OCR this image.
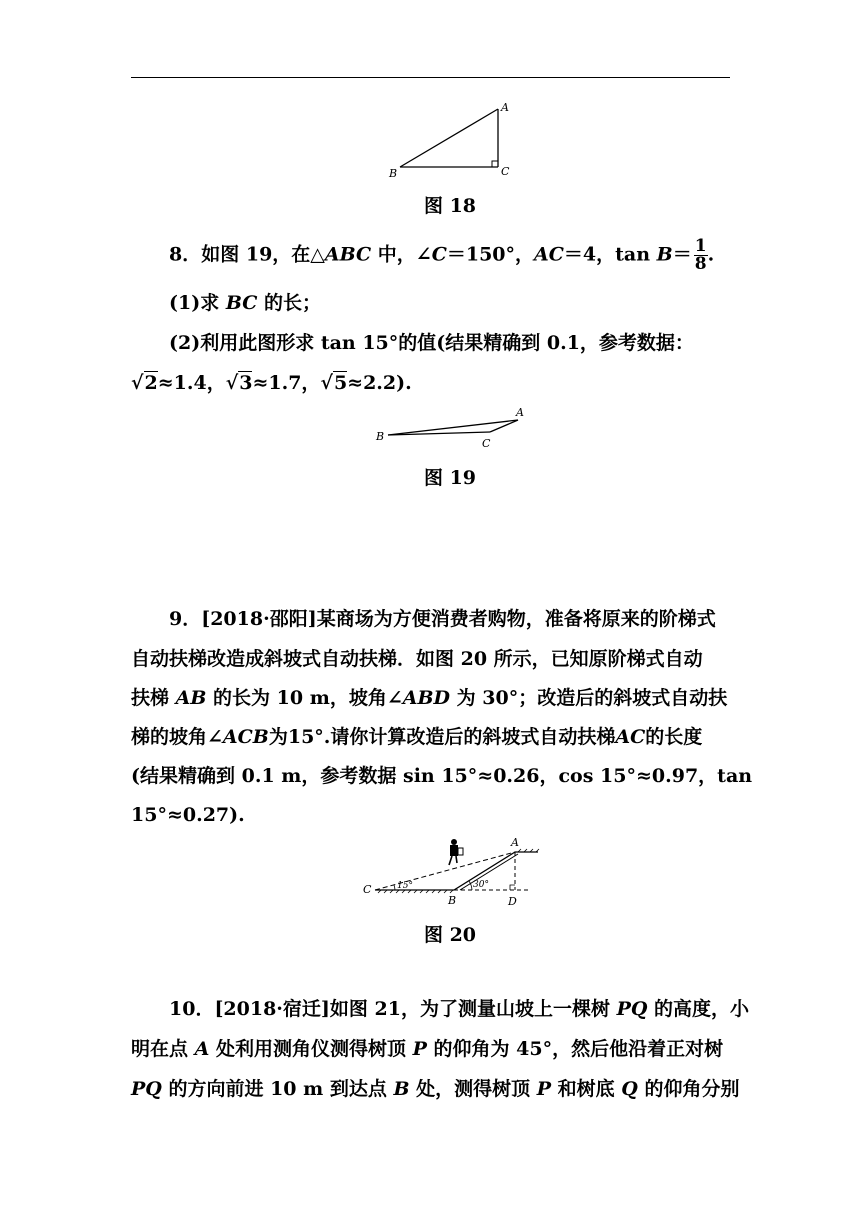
A
B	C
图 18
8．如图 19，在△ABC 中，∠C＝150°，AC＝4，$\tan B= \frac{1}{8}$ .
(1)求 BC 的长；
(2)利用此图形求 tan 15°的值(结果精确到 0.1，参考数据：
√2≈1.4，√3≈1.7，√5≈2.2).
A
B
C
图 19
9．[2018·邵阳]某商场为方便消费者购物，准备将原来的阶梯式
自动扶梯改造成斜坡式自动扶梯．如图 20 所示，已知原阶梯式自动
扶梯 AB 的长为 10 m，坡角∠ABD 为 30°；改造后的斜坡式自动扶
梯的坡角∠ACB为15°.请你计算改造后的斜坡式自动扶梯AC的长度
(结果精确到 0.1 m，参考数据 sin 15°≈0.26，cos 15°≈0.97，tan
15°≈0.27).
15°	30°
A
B
C
D
图 20
10．[2018·宿迁]如图 21，为了测量山坡上一棵树 PQ 的高度，小
明在点 A 处利用测角仪测得树顶 P 的仰角为 45°，然后他沿着正对树
PQ 的方向前进 10 m 到达点 B 处，测得树顶 P 和树底 Q 的仰角分别
